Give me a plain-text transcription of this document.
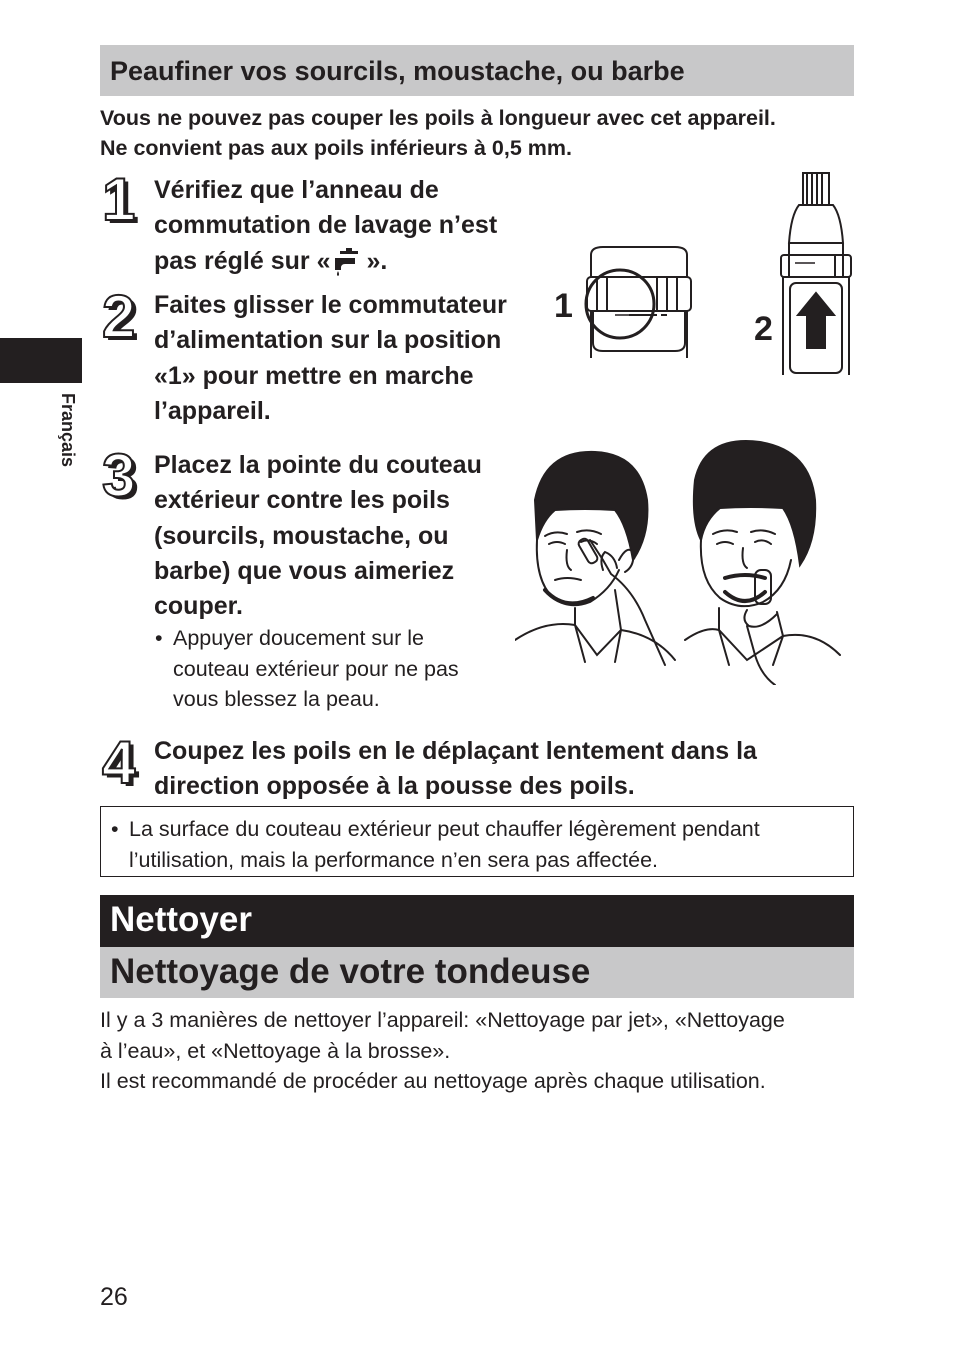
Peaufiner vos sourcils, moustache, ou barbe
Vous ne pouvez pas couper les poils à longueur avec cet appareil.
Ne convient pas aux poils inférieurs à 0,5 mm.
Français
1 Vérifiez que l’anneau de
commutation de lavage n’est
pas réglé sur « ».
2 Faites glisser le commutateur
d’alimentation sur la position
«1» pour mettre en marche
l’appareil.
1
2
3 Placez la pointe du couteau
extérieur contre les poils
(sourcils, moustache, ou
barbe) que vous aimeriez
couper.
• Appuyer doucement sur le
couteau extérieur pour ne pas
vous blessez la peau.
4 Coupez les poils en le déplaçant lentement dans la
direction opposée à la pousse des poils.
• La surface du couteau extérieur peut chauffer légèrement pendant
l’utilisation, mais la performance n’en sera pas affectée.
Nettoyer
Nettoyage de votre tondeuse
Il y a 3 manières de nettoyer l’appareil: «Nettoyage par jet», «Nettoyage
à l’eau», et «Nettoyage à la brosse».
Il est recommandé de procéder au nettoyage après chaque utilisation.
26
